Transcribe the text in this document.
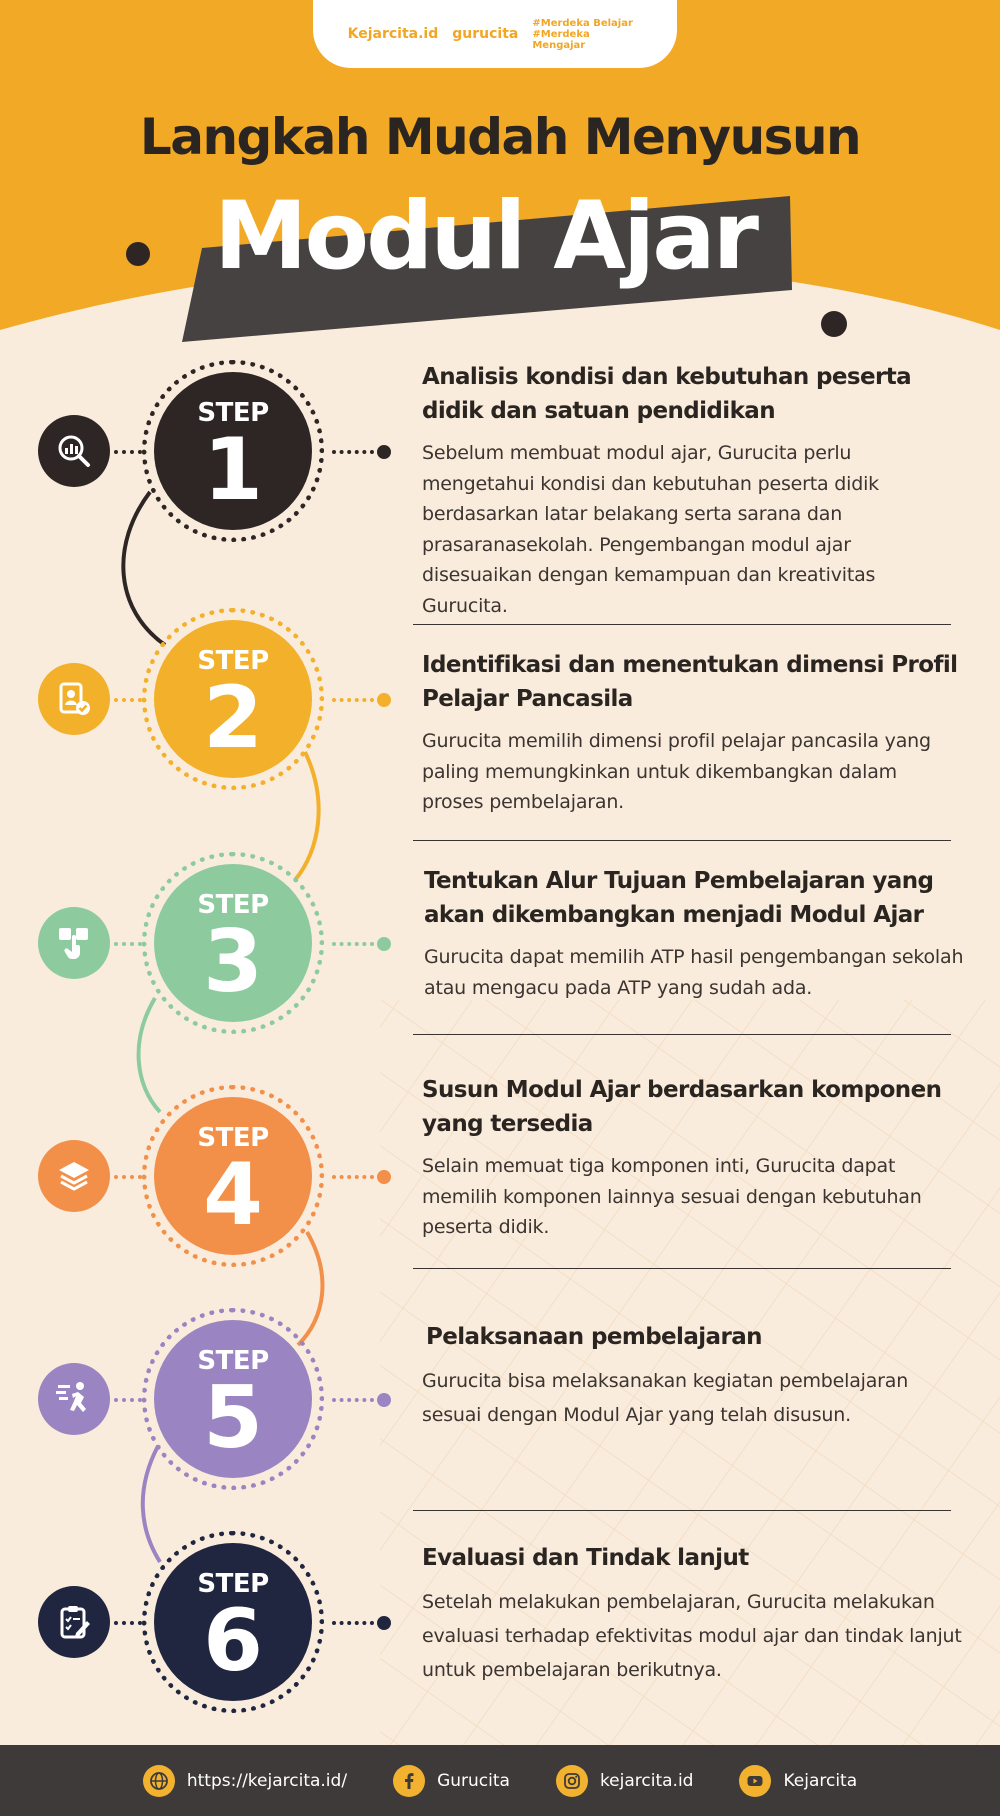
Kejarcita.id gurucita
#Merdeka Belajar #Merdeka Mengajar
Langkah Mudah Menyusun
Modul Ajar
STEP
1
Analisis kondisi dan kebutuhan peserta didik dan satuan pendidikan

Sebelum membuat modul ajar, Gurucita perlu mengetahui kondisi dan kebutuhan peserta didik berdasarkan latar belakang serta sarana dan prasaranasekolah. Pengembangan modul ajar disesuaikan dengan kemampuan dan kreativitas Gurucita.

STEP
2
Identifikasi dan menentukan dimensi Profil Pelajar Pancasila

Gurucita memilih dimensi profil pelajar pancasila yang paling memungkinkan untuk dikembangkan dalam proses pembelajaran.

STEP
3
Tentukan Alur Tujuan Pembelajaran yang akan dikembangkan menjadi Modul Ajar

Gurucita dapat memilih ATP hasil pengembangan sekolah atau mengacu pada ATP yang sudah ada.

STEP
4
Susun Modul Ajar berdasarkan komponen yang tersedia

Selain memuat tiga komponen inti, Gurucita dapat memilih komponen lainnya sesuai dengan kebutuhan peserta didik.

STEP
5
Pelaksanaan pembelajaran

Gurucita bisa melaksanakan kegiatan pembelajaran sesuai dengan Modul Ajar yang telah disusun.

STEP
6
Evaluasi dan Tindak lanjut

Setelah melakukan pembelajaran, Gurucita melakukan evaluasi terhadap efektivitas modul ajar dan tindak lanjut untuk pembelajaran berikutnya.

https://kejarcita.id/	Gurucita	kejarcita.id	Kejarcita
